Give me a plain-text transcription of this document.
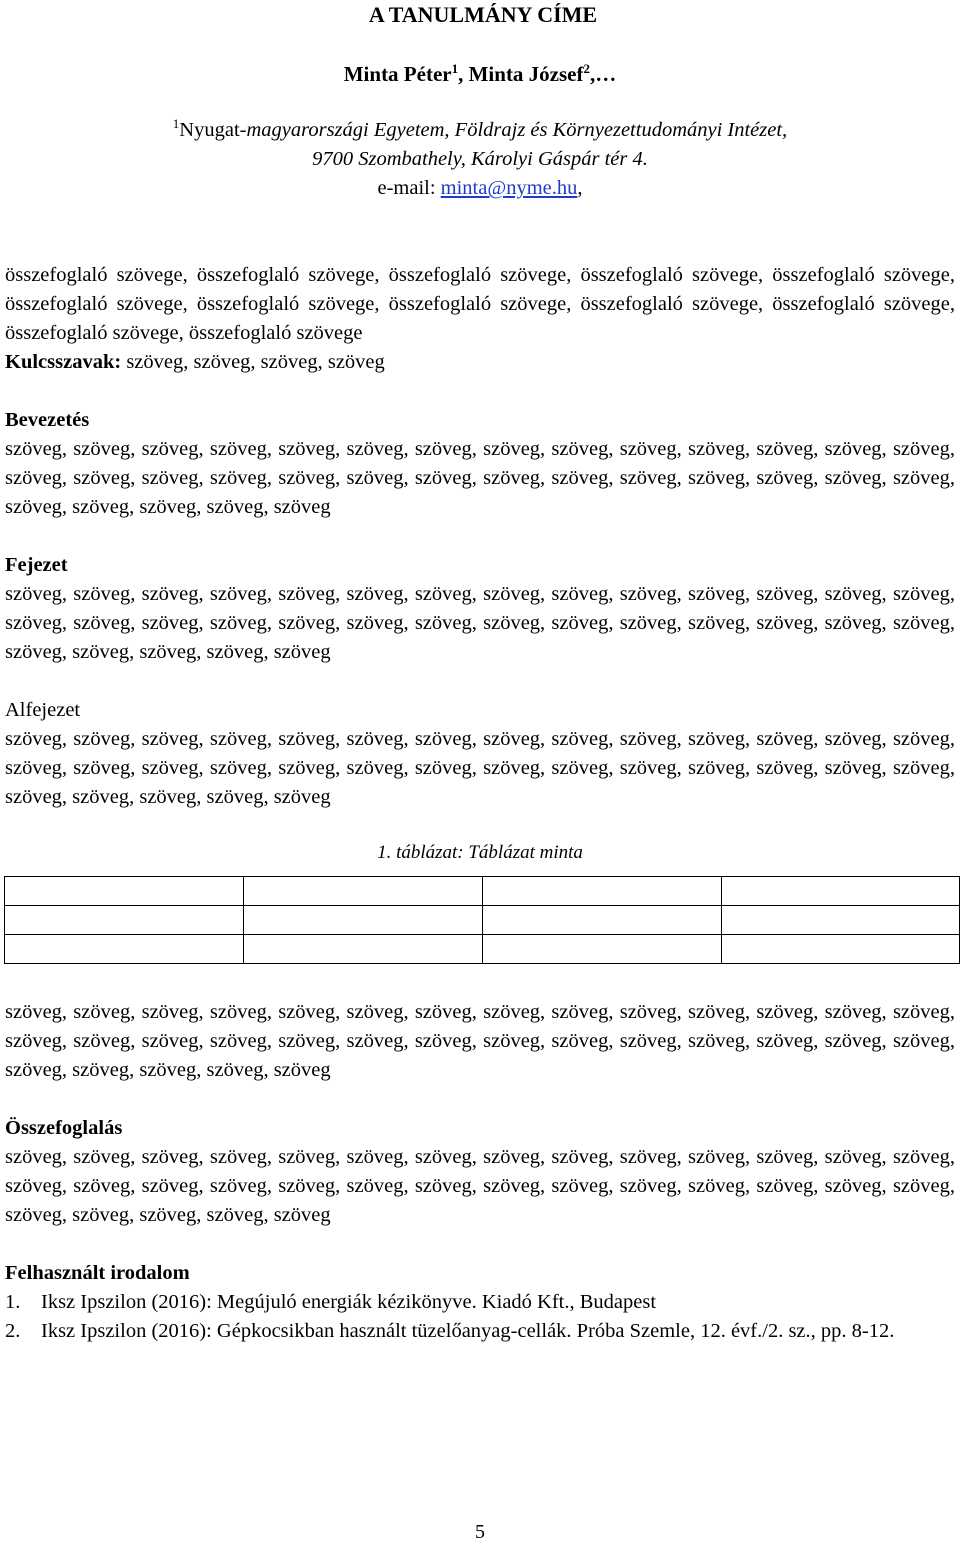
A TANULMÁNY CÍME
Minta Péter$^1$, Minta József$^2$,…
$^1$Nyugat-magyarországi Egyetem, Földrajz és Környezettudományi Intézet,
9700 Szombathely, Károlyi Gáspár tér 4.
e-mail: minta@nyme.hu,
összefoglaló szövege, összefoglaló szövege, összefoglaló szövege, összefoglaló szövege, összefoglaló szövege, összefoglaló szövege, összefoglaló szövege, összefoglaló szövege, összefoglaló szövege, összefoglaló szövege, összefoglaló szövege, összefoglaló szövege
Kulcsszavak: szöveg, szöveg, szöveg, szöveg
Bevezetés
szöveg, szöveg, szöveg, szöveg, szöveg, szöveg, szöveg, szöveg, szöveg, szöveg, szöveg, szöveg, szöveg, szöveg, szöveg, szöveg, szöveg, szöveg, szöveg, szöveg, szöveg, szöveg, szöveg, szöveg, szöveg, szöveg, szöveg, szöveg, szöveg, szöveg, szöveg, szöveg, szöveg
Fejezet
szöveg, szöveg, szöveg, szöveg, szöveg, szöveg, szöveg, szöveg, szöveg, szöveg, szöveg, szöveg, szöveg, szöveg, szöveg, szöveg, szöveg, szöveg, szöveg, szöveg, szöveg, szöveg, szöveg, szöveg, szöveg, szöveg, szöveg, szöveg, szöveg, szöveg, szöveg, szöveg, szöveg
Alfejezet
szöveg, szöveg, szöveg, szöveg, szöveg, szöveg, szöveg, szöveg, szöveg, szöveg, szöveg, szöveg, szöveg, szöveg, szöveg, szöveg, szöveg, szöveg, szöveg, szöveg, szöveg, szöveg, szöveg, szöveg, szöveg, szöveg, szöveg, szöveg, szöveg, szöveg, szöveg, szöveg, szöveg
1. táblázat: Táblázat minta

szöveg, szöveg, szöveg, szöveg, szöveg, szöveg, szöveg, szöveg, szöveg, szöveg, szöveg, szöveg, szöveg, szöveg, szöveg, szöveg, szöveg, szöveg, szöveg, szöveg, szöveg, szöveg, szöveg, szöveg, szöveg, szöveg, szöveg, szöveg, szöveg, szöveg, szöveg, szöveg, szöveg
Összefoglalás
szöveg, szöveg, szöveg, szöveg, szöveg, szöveg, szöveg, szöveg, szöveg, szöveg, szöveg, szöveg, szöveg, szöveg, szöveg, szöveg, szöveg, szöveg, szöveg, szöveg, szöveg, szöveg, szöveg, szöveg, szöveg, szöveg, szöveg, szöveg, szöveg, szöveg, szöveg, szöveg, szöveg
Felhasznált irodalom
1.	Iksz Ipszilon (2016): Megújuló energiák kézikönyve. Kiadó Kft., Budapest
2.	Iksz Ipszilon (2016): Gépkocsikban használt tüzelőanyag-cellák. Próba Szemle, 12. évf./2. sz., pp. 8-12.
5
